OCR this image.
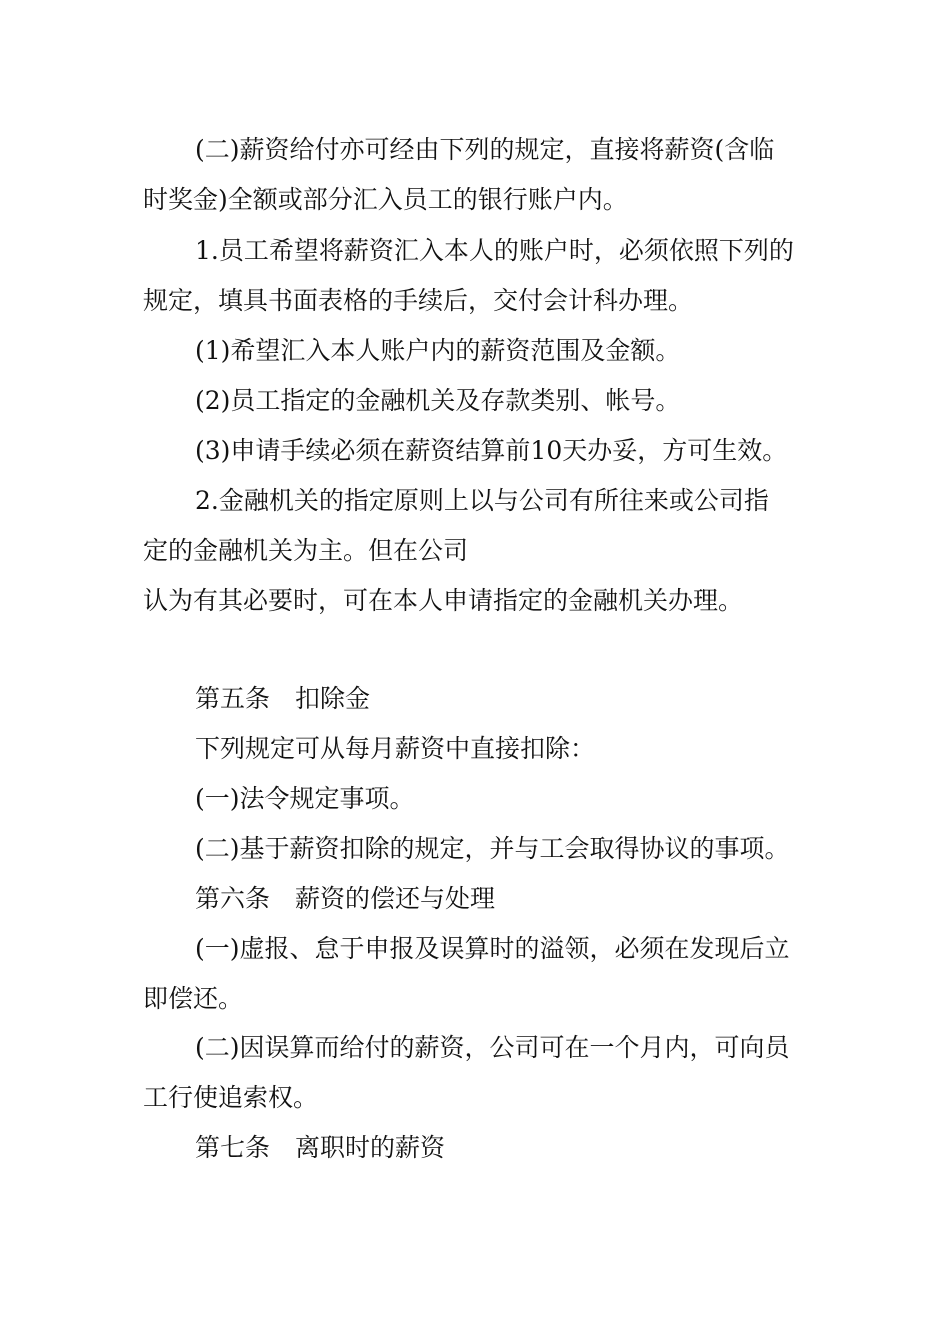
(二)薪资给付亦可经由下列的规定，直接将薪资(含临
时奖金)全额或部分汇入员工的银行账户内。
1.员工希望将薪资汇入本人的账户时，必须依照下列的
规定，填具书面表格的手续后，交付会计科办理。
(1)希望汇入本人账户内的薪资范围及金额。
(2)员工指定的金融机关及存款类别、帐号。
(3)申请手续必须在薪资结算前10天办妥，方可生效。
2.金融机关的指定原则上以与公司有所往来或公司指
定的金融机关为主。但在公司
认为有其必要时，可在本人申请指定的金融机关办理。
第五条　扣除金
下列规定可从每月薪资中直接扣除：
(一)法令规定事项。
(二)基于薪资扣除的规定，并与工会取得协议的事项。
第六条　薪资的偿还与处理
(一)虚报、怠于申报及误算时的溢领，必须在发现后立
即偿还。
(二)因误算而给付的薪资，公司可在一个月内，可向员
工行使追索权。
第七条　离职时的薪资
